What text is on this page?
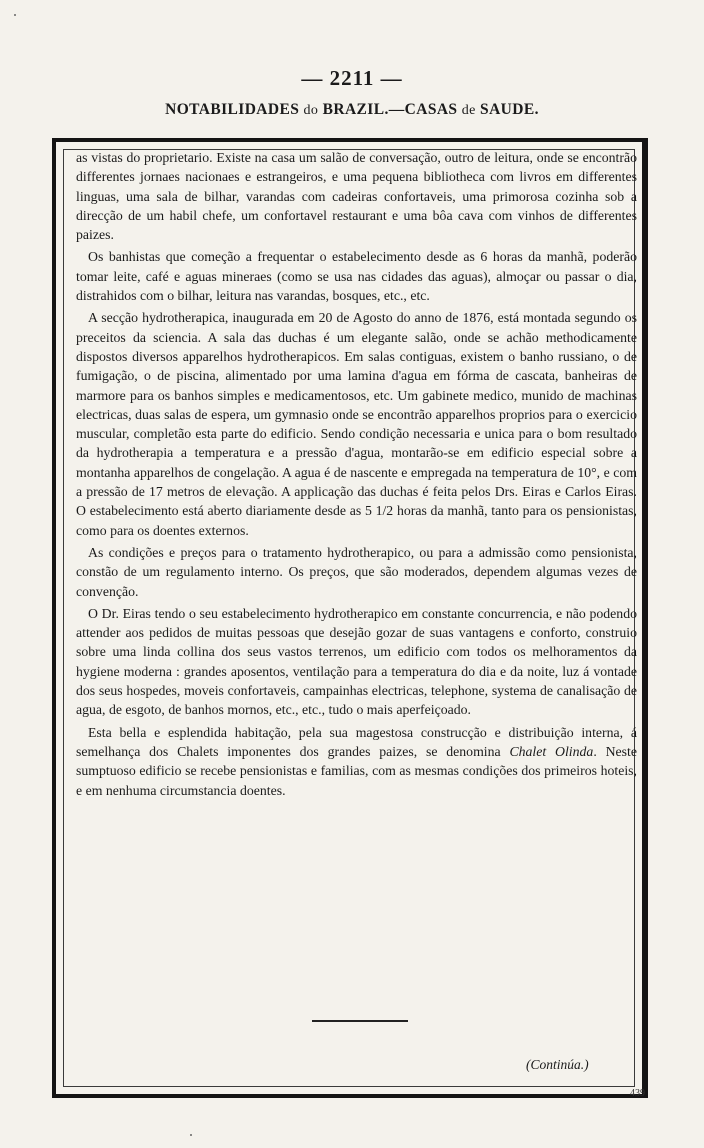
— 2211 —
NOTABILIDADES do BRAZIL.—CASAS de SAUDE.

as vistas do proprietario. Existe na casa um salão de conversação, outro de leitura, onde se encontrão differentes jornaes nacionaes e estrangeiros, e uma pequena bibliotheca com livros em differentes linguas, uma sala de bilhar, varandas com cadeiras confortaveis, uma primorosa cozinha sob a direcção de um habil chefe, um confortavel restaurant e uma bôa cava com vinhos de differentes paizes.

Os banhistas que começão a frequentar o estabelecimento desde as 6 horas da manhã, poderão tomar leite, café e aguas mineraes (como se usa nas cidades das aguas), almoçar ou passar o dia, distrahidos com o bilhar, leitura nas varandas, bosques, etc., etc.

A secção hydrotherapica, inaugurada em 20 de Agosto do anno de 1876, está montada segundo os preceitos da sciencia. A sala das duchas é um elegante salão, onde se achão methodicamente dispostos diversos apparelhos hydrotherapicos. Em salas contiguas, existem o banho russiano, o de fumigação, o de piscina, alimentado por uma lamina d'agua em fórma de cascata, banheiras de marmore para os banhos simples e medicamentosos, etc. Um gabinete medico, munido de machinas electricas, duas salas de espera, um gymnasio onde se encontrão apparelhos proprios para o exercicio muscular, completão esta parte do edificio. Sendo condição necessaria e unica para o bom resultado da hydrotherapia a temperatura e a pressão d'agua, montarão-se em edificio especial sobre a montanha apparelhos de congelação. A agua é de nascente e empregada na temperatura de 10°, e com a pressão de 17 metros de elevação. A applicação das duchas é feita pelos Drs. Eiras e Carlos Eiras. O estabelecimento está aberto diariamente desde as 5 1/2 horas da manhã, tanto para os pensionistas, como para os doentes externos.

As condições e preços para o tratamento hydrotherapico, ou para a admissão como pensionista, constão de um regulamento interno. Os preços, que são moderados, dependem algumas vezes de convenção.

O Dr. Eiras tendo o seu estabelecimento hydrotherapico em constante concurrencia, e não podendo attender aos pedidos de muitas pessoas que desejão gozar de suas vantagens e conforto, construio sobre uma linda collina dos seus vastos terrenos, um edificio com todos os melhoramentos da hygiene moderna : grandes aposentos, ventilação para a temperatura do dia e da noite, luz á vontade dos seus hospedes, moveis confortaveis, campainhas electricas, telephone, systema de canalisação de agua, de esgoto, de banhos mornos, etc., etc., tudo o mais aperfeiçoado.

Esta bella e esplendida habitação, pela sua magestosa construcção e distribuição interna, á semelhança dos Chalets imponentes dos grandes paizes, se denomina Chalet Olinda. Neste sumptuoso edificio se recebe pensionistas e familias, com as mesmas condições dos primeiros hoteis, e em nenhuma circumstancia doentes.

(Continúa.)
439
